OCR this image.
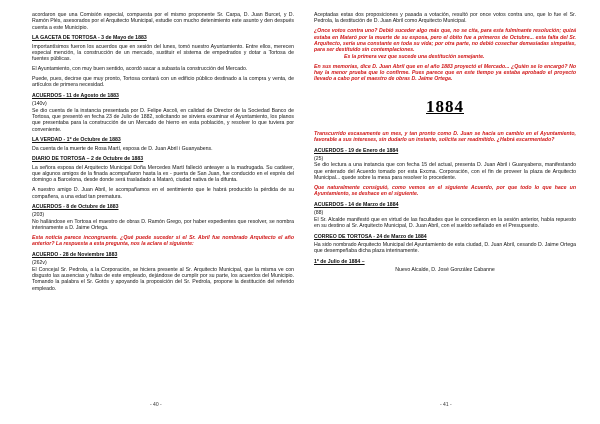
acordaron que una Comisión especial, compuesta por el mismo proponente Sr. Carpa, D. Juan Burcet, y D. Ramón Plés, asesorados por el Arquitecto Municipal, estudie con mucho detenimiento este asunto y den después cuenta a este Municipio.

LA GACETA DE TORTOSA - 3 de Mayo de 1883

Importantísimos fueron los acuerdos que en sesión del lunes, tomó nuestro Ayuntamiento. Entre ellos, merecen especial mención, la construcción de un mercado, sustituir el sistema de empedrados y dotar a Tortosa de fuentes públicas.

El Ayuntamiento, con muy buen sentido, acordó sacar a subasta la construcción del Mercado.

Puede, pues, decirse que muy pronto, Tortosa contará con un edificio público destinado a la compra y venta, de artículos de primera necesidad.

ACUERDOS - 11 de Agosto de 1883

(140v)

Se dio cuenta de la instancia presentada por D. Felipe Ascoli, en calidad de Director de la Sociedad Banco de Tortosa, que presentó en fecha 23 de Julio de 1882, solicitando se sirviera examinar el Ayuntamiento, los planos que presentaba para la construcción de un Mercado de hierro en esta población, y resolver lo que tuviera por conveniente.

LA VERDAD - 1º de Octubre de 1883

Da cuenta de la muerte de Rosa Martí, esposa de D. Juan Abril i Guanyabens.

DIARIO DE TORTOSA – 2 de Octubre de 1883

La señora esposa del Arquitecto Municipal Doña Mercedes Martí falleció anteayer a la madrugada. Su cadáver, que algunos amigos de la finada acompañaron hasta la ex - puerta de San Juan, fue conducido en el exprés del domingo a Barcelona, desde donde será trasladado a Mataró, ciudad nativa de la difunta.

A nuestro amigo D. Juan Abril, le acompañamos en el sentimiento que le habrá producido la pérdida de su compañera, a una edad tan prematura.

ACUERDOS - 8 de Octubre de 1883

(203)

No hallándose en Tortosa el maestro de obras D. Ramón Grego, por haber expedientes que resolver, se nombra interinamente a D. Jaime Ortega.

Esta noticia parece incongruente. ¿Qué puede suceder si el Sr. Abril fue nombrado Arquitecto el año anterior? La respuesta a esta pregunta, nos la aclara el siguiente:

ACUERDO - 28 de Noviembre 1883

(262v)

El Concejal Sr. Pedrola, a la Corporación, se hiciera presente al Sr. Arquitecto Municipal, que la misma ve con disgusto las ausencias y faltas de este empleado, dejándose de cumplir por su parte, los acuerdos del Municipio. Tomando la palabra el Sr. Gotós y apoyando la proposición del Sr. Pedrola, propone la destitución del referido empleado.

Aceptadas estas dos proposiciones y pasada a votación, resultó por once votos contra uno, que lo fue el Sr. Pedrola, la destitución de D. Juan Abril como Arquitecto Municipal.

¿Once votos contra uno? Debió suceder algo más que, no se cita, para esta fulminante resolución; quizá estaba en Mataró por la muerte de su esposa, pero el óbito fue a primeros de Octubre... esta falta del Sr. Arquitecto, sería una constante en toda su vida; por otra parte, no debió cosechar demasiadas simpatías, para ser destituido sin contemplaciones.

Es la primera vez que sucede una destitución semejante.

En sus memorias, dice D. Juan Abril que en el año 1883 proyectó el Mercado... ¿Quién se lo encargó? No hay la menor prueba que lo confirme. Pues parece que en este tiempo ya estaba aprobado el proyecto llevado a cabo por el maestro de obras D. Jaime Ortega.

1884

Transcurrido escasamente un mes, y tan pronto como D. Juan se hacía un cambio en el Ayuntamiento, favorable a sus intereses, sin dudarlo un instante, solicita ser readmitido. ¿Habrá escarmentado?

ACUERDOS - 19 de Enero de 1884

(25)

Se dio lectura a una instancia que con fecha 15 del actual, presenta D. Juan Abril i Guanyabens, manifestando que enterado del Acuerdo tomado por esta Excma. Corporación, con el fin de proveer la plaza de Arquitecto Municipal... quede sobre la mesa para resolver lo procedente.

Que naturalmente consiguió, como vemos en el siguiente Acuerdo, por que todo lo que hace un Ayuntamiento, se deshace en el siguiente.

ACUERDOS - 14 de Marzo de 1884

(88)

El Sr. Alcalde manifestó que en virtud de las facultades que le concedieron en la sesión anterior, había repuesto en su destino al Sr. Arquitecto Municipal, D. Juan Abril, con el sueldo señalado en el Presupuesto.

CORREO DE TORTOSA - 24 de Marzo de 1884

Ha sido nombrado Arquitecto Municipal del Ayuntamiento de esta ciudad, D. Juan Abril, cesando D. Jaime Ortega que desempeñaba dicha plaza interinamente.

1º de Julio de 1884 –

Nuevo Alcalde, D. José González Cabanne

- 40 -	- 41 -
